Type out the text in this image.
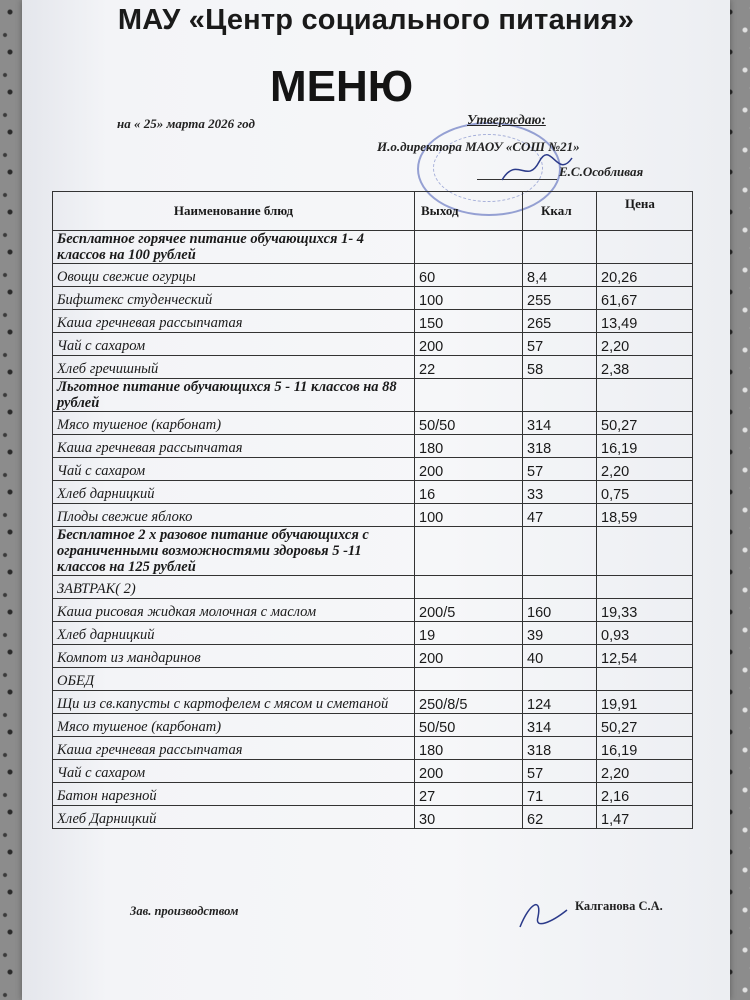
МАУ «Центр социального питания»
МЕНЮ
на « 25» марта 2026 год	Утверждаю:
И.о.директора МАОУ «СОШ №21»
Е.С.Особливая
Наименование блюд	Выход	Ккал	Цена
Бесплатное горячее питание обучающихся 1- 4 классов на 100 рублей			
Овощи свежие огурцы	60	8,4	20,26
Бифштекс студенческий	100	255	61,67
Каша гречневая рассыпчатая	150	265	13,49
Чай с сахаром	200	57	2,20
Хлеб гречишный	22	58	2,38
Льготное питание обучающихся 5 - 11 классов на 88 рублей			
Мясо тушеное (карбонат)	50/50	314	50,27
Каша гречневая рассыпчатая	180	318	16,19
Чай с сахаром	200	57	2,20
Хлеб дарницкий	16	33	0,75
Плоды свежие яблоко	100	47	18,59
Бесплатное 2 х разовое питание обучающихся с ограниченными возможностями здоровья 5 -11 классов на 125 рублей			
ЗАВТРАК( 2)			
Каша рисовая жидкая молочная с маслом	200/5	160	19,33
Хлеб дарницкий	19	39	0,93
Компот из мандаринов	200	40	12,54
ОБЕД			
Щи из св.капусты с картофелем с мясом и сметаной	250/8/5	124	19,91
Мясо тушеное (карбонат)	50/50	314	50,27
Каша гречневая рассыпчатая	180	318	16,19
Чай с сахаром	200	57	2,20
Батон нарезной	27	71	2,16
Хлеб Дарницкий	30	62	1,47
Зав. производством	Калганова С.А.
